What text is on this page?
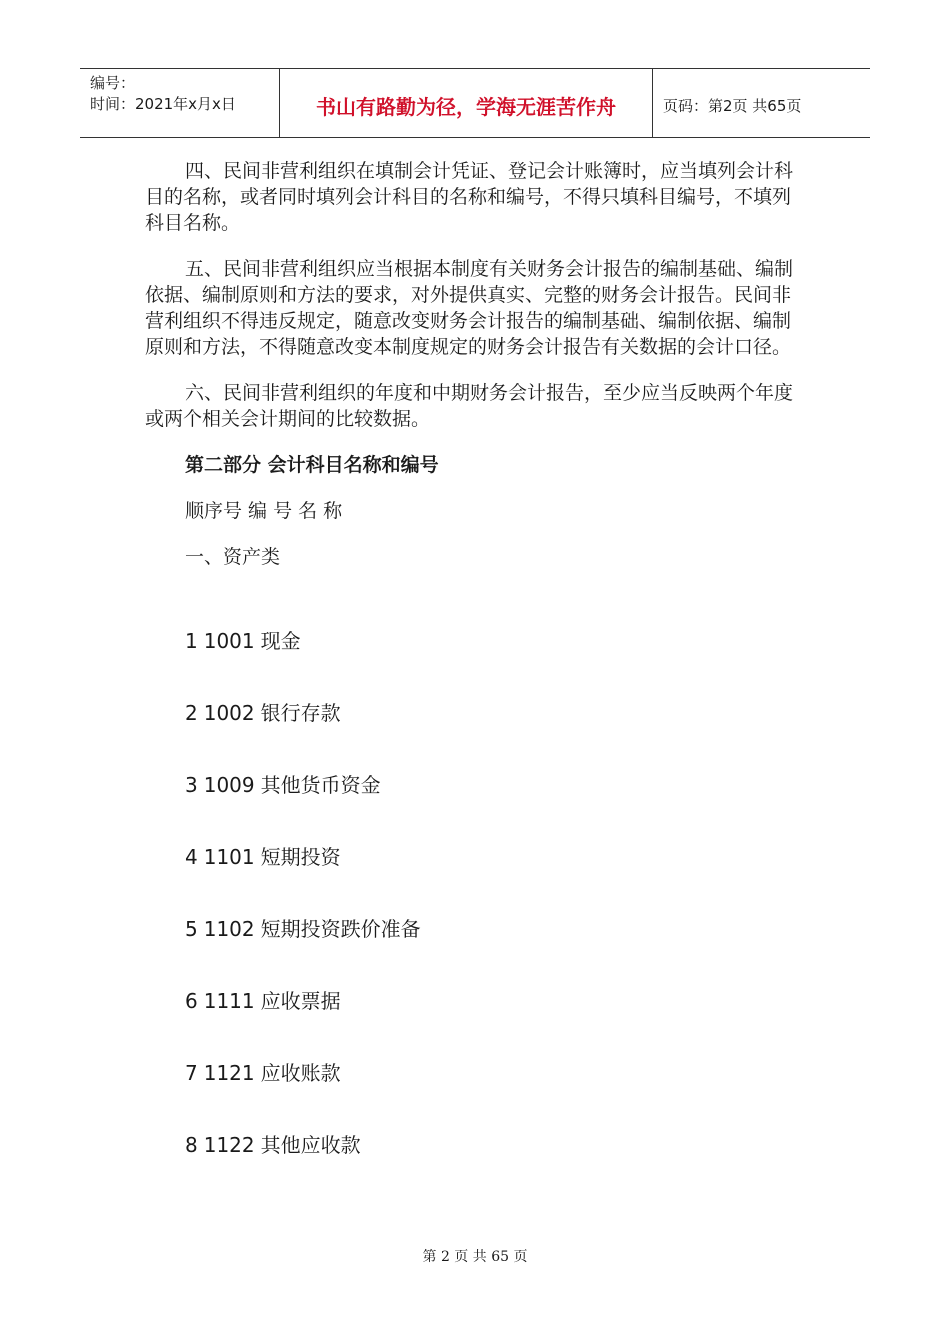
编号：
时间：2021年x月x日	书山有路勤为径，学海无涯苦作舟	页码：第2页 共65页

四、民间非营利组织在填制会计凭证、登记会计账簿时，应当填列会计科目的名称，或者同时填列会计科目的名称和编号，不得只填科目编号，不填列科目名称。

五、民间非营利组织应当根据本制度有关财务会计报告的编制基础、编制依据、编制原则和方法的要求，对外提供真实、完整的财务会计报告。民间非营利组织不得违反规定，随意改变财务会计报告的编制基础、编制依据、编制原则和方法，不得随意改变本制度规定的财务会计报告有关数据的会计口径。

六、民间非营利组织的年度和中期财务会计报告，至少应当反映两个年度或两个相关会计期间的比较数据。

第二部分 会计科目名称和编号
顺序号 编 号 名 称
一、资产类
1 1001 现金
2 1002 银行存款
3 1009 其他货币资金
4 1101 短期投资
5 1102 短期投资跌价准备
6 1111 应收票据
7 1121 应收账款
8 1122 其他应收款
第 2 页 共 65 页
